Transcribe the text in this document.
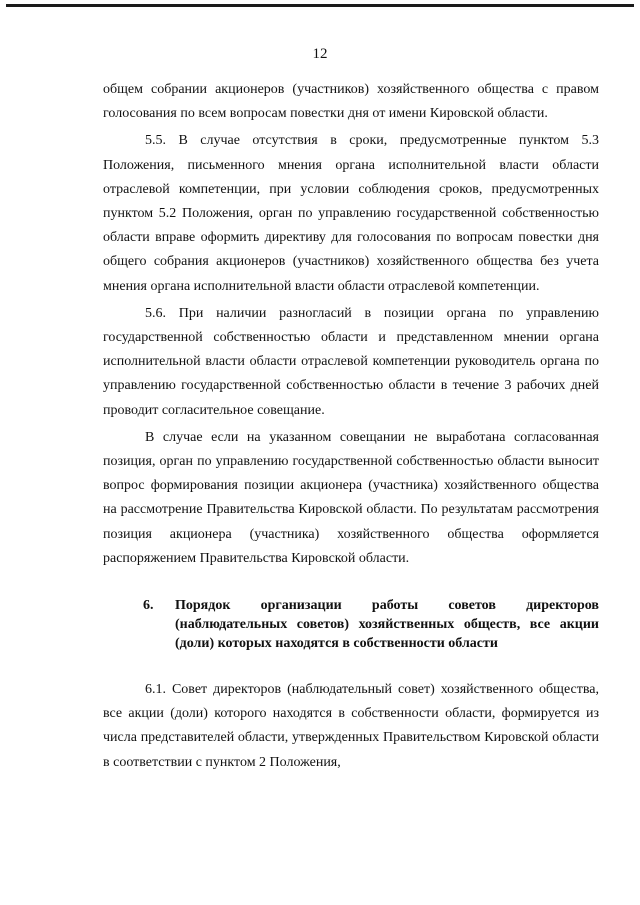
12

общем собрании акционеров (участников) хозяйственного общества с правом голосования по всем вопросам повестки дня от имени Кировской области.

5.5. В случае отсутствия в сроки, предусмотренные пунктом 5.3 Положения, письменного мнения органа исполнительной власти области отраслевой компетенции, при условии соблюдения сроков, предусмотренных пунктом 5.2 Положения, орган по управлению государственной собственностью области вправе оформить директиву для голосования по вопросам повестки дня общего собрания акционеров (участников) хозяйственного общества без учета мнения органа исполнительной власти области отраслевой компетенции.

5.6. При наличии разногласий в позиции органа по управлению государственной собственностью области и представленном мнении органа исполнительной власти области отраслевой компетенции руководитель органа по управлению государственной собственностью области в течение 3 рабочих дней проводит согласительное совещание.

В случае если на указанном совещании не выработана согласованная позиция, орган по управлению государственной собственностью области выносит вопрос формирования позиции акционера (участника) хозяйственного общества на рассмотрение Правительства Кировской области. По результатам рассмотрения позиция акционера (участника) хозяйственного общества оформляется распоряжением Правительства Кировской области.

6.	Порядок организации работы советов директоров (наблюдательных советов) хозяйственных обществ, все акции (доли) которых находятся в собственности области

6.1. Совет директоров (наблюдательный совет) хозяйственного общества, все акции (доли) которого находятся в собственности области, формируется из числа представителей области, утвержденных Правительством Кировской области в соответствии с пунктом 2 Положения,
